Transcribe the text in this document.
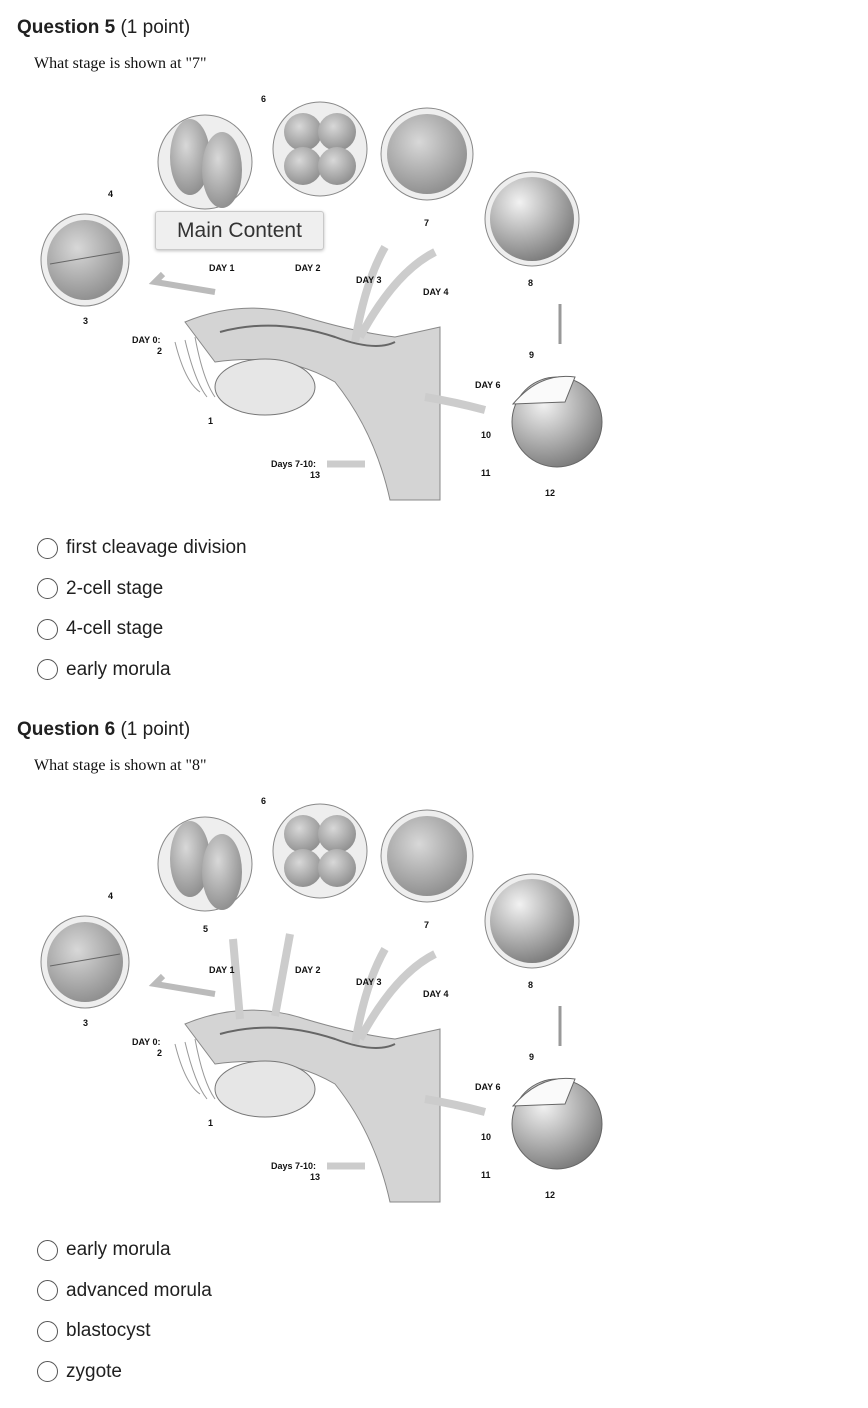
Question 5 (1 point)
What stage is shown at "7"
6
4
3
DAY 1	DAY 2
DAY 3
DAY 4
7
8
DAY 0:
2	9
DAY 6
10
1
Days 7-10:
13	11
12
Main Content
first cleavage division
2-cell stage
4-cell stage
early morula
Question 6 (1 point)
What stage is shown at "8"
6
4
3
5
DAY 1	DAY 2
DAY 3
DAY 4
7
8
DAY 0:
2	9
DAY 6
10
1
Days 7-10:
13	11
12
early morula
advanced morula
blastocyst
zygote
